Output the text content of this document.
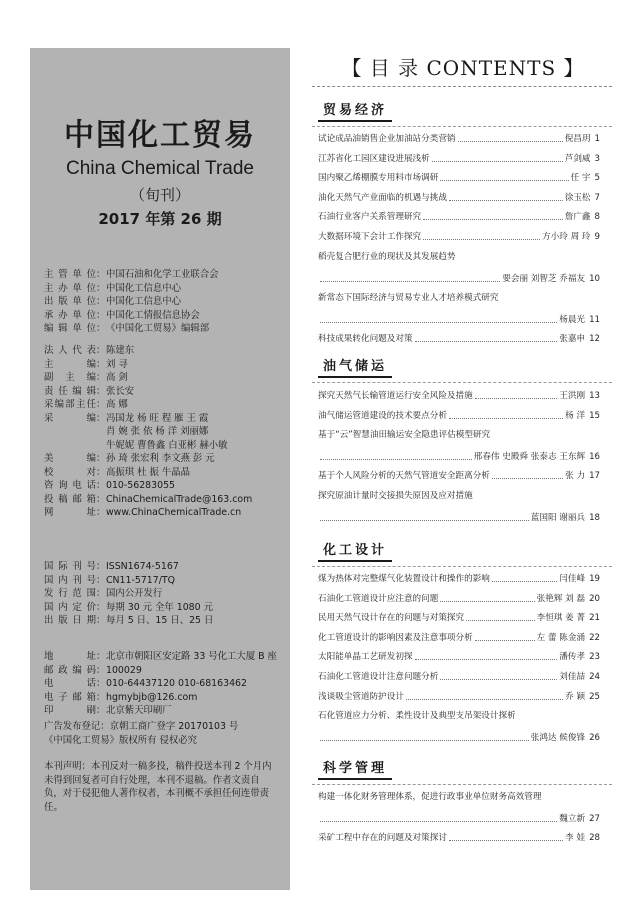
中国化工贸易
China Chemical Trade
（旬刊）
2017 年第 26 期
主管单位 ： 中国石油和化学工业联合会
主办单位 ： 中国化工信息中心
出版单位 ： 中国化工信息中心
承办单位 ： 中国化工情报信息协会
编辑单位 ： 《中国化工贸易》编辑部
法人代表 ： 陈建东
主编 ： 刘 寻
副主编 ： 高 剑
责任编辑 ： 张长安
采编部主任 ： 高 娜
采编 ： 冯国龙 杨 旺 程 雁 王 霞
肖 婉 张 依 杨 洋 刘丽娜
牛妮妮 曹鲁鑫 白亚彬 赫小敏
美编 ： 孙 琦 张宏利 李文燕 彭 元
校对 ： 高振琪 杜 振 牛晶晶
咨询电话 ： 010-56283055
投稿邮箱 ： ChinaChemicalTrade@163.com
网址 ： www.ChinaChemicalTrade.cn
国际刊号 ： ISSN1674-5167
国内刊号 ： CN11-5717/TQ
发行范围 ： 国内公开发行
国内定价 ： 每期 30 元 全年 1080 元
出版日期 ： 每月 5 日、15 日、25 日
地址 ： 北京市朝阳区安定路 33 号化工大厦 B 座
邮政编码 ： 100029
电话 ： 010-64437120 010-68163462
电子邮箱 ： hgmybjb@126.com
印刷 ： 北京紫天印刷厂
广告发布登记：京朝工商广登字 20170103 号
《中国化工贸易》版权所有 侵权必究
本刊声明：本刊反对一稿多投，稿件投送本刊 2 个月内未得到回复者可自行处理，本刊不退稿。作者文责自负，对于侵犯他人著作权者，本刊概不承担任何连带责任。
【 目 录 CONTENTS 】
贸易经济
试论成品油销售企业加油站分类营销	倪昌玥 1
江苏省化工园区建设进展浅析	芦剑威 3
国内聚乙烯棚膜专用料市场调研	任 宇 5
油化天然气产业面临的机遇与挑战	徐玉松 7
石油行业客户关系管理研究	詹广鑫 8
大数据环境下会计工作探究	方小玲 周 玲 9
稻壳复合肥行业的现状及其发展趋势
要会丽 刘智芝 乔福友 10
新常态下国际经济与贸易专业人才培养模式研究
杨晨光 11
科技成果转化问题及对策	张嘉申 12
油气储运
探究天然气长输管道运行安全风险及措施	王洪刚 13
油气储运管道建设的技术要点分析	杨 洋 15
基于“云”智慧油田输运安全隐患评估模型研究
邢春伟 史殿舜 张泰志 王东辉 16
基于个人风险分析的天然气管道安全距离分析	张 力 17
探究原油计量时交接损失原因及应对措施
蓝国阳 谢丽兵 18
化工设计
煤为热体对完整煤气化装置设计和操作的影响	闫佳峰 19
石油化工管道设计应注意的问题	张艳辉 刘 磊 20
民用天然气设计存在的问题与对策探究	李恒琪 姜 菁 21
化工管道设计的影响因素及注意事项分析	左 蕾 陈金涌 22
太阳能单晶工艺研发初探	潘传孝 23
石油化工管道设计注意问题分析	刘佳喆 24
浅谈吸尘管道防护设计	乔 颖 25
石化管道应力分析、柔性设计及典型支吊架设计探析
张鸿达 候俊锋 26
科学管理
构建一体化财务管理体系，促进行政事业单位财务高效管理
魏立新 27
采矿工程中存在的问题及对策探讨	李 娃 28
